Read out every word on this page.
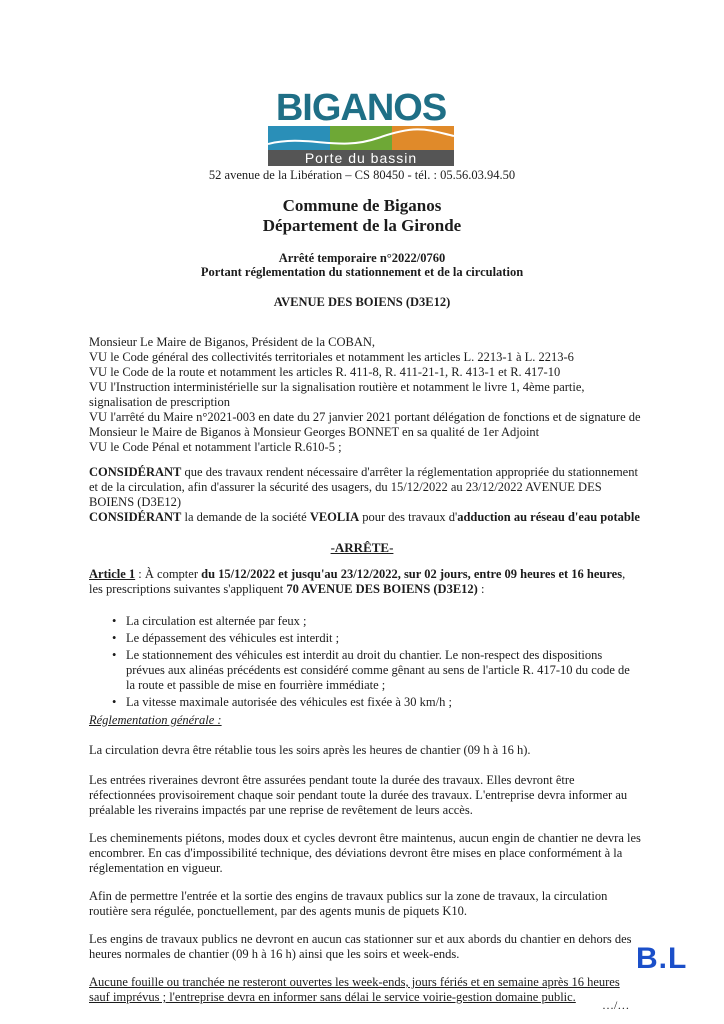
BIGANOS
Porte du bassin
52 avenue de la Libération – CS 80450 - tél. : 05.56.03.94.50
Commune de Biganos
Département de la Gironde
Arrêté temporaire n°2022/0760
Portant réglementation du stationnement et de la circulation
AVENUE DES BOIENS (D3E12)
Monsieur Le Maire de Biganos, Président de la COBAN,
VU le Code général des collectivités territoriales et notamment les articles L. 2213-1 à L. 2213-6
VU le Code de la route et notamment les articles R. 411-8, R. 411-21-1, R. 413-1 et R. 417-10
VU l'Instruction interministérielle sur la signalisation routière et notamment le livre 1, 4ème partie,
signalisation de prescription
VU l'arrêté du Maire n°2021-003 en date du 27 janvier 2021 portant délégation de fonctions et de signature de
Monsieur le Maire de Biganos à Monsieur Georges BONNET en sa qualité de 1er Adjoint
VU le Code Pénal et notamment l'article R.610-5 ;
CONSIDÉRANT que des travaux rendent nécessaire d'arrêter la réglementation appropriée du stationnement
et de la circulation, afin d'assurer la sécurité des usagers, du 15/12/2022 au 23/12/2022 AVENUE DES
BOIENS (D3E12)
CONSIDÉRANT la demande de la société VEOLIA pour des travaux d'adduction au réseau d'eau potable
-ARRÊTE-
Article 1 : À compter du 15/12/2022 et jusqu'au 23/12/2022, sur 02 jours, entre 09 heures et 16 heures,
les prescriptions suivantes s'appliquent 70 AVENUE DES BOIENS (D3E12) :
• La circulation est alternée par feux ;
• Le dépassement des véhicules est interdit ;
• Le stationnement des véhicules est interdit au droit du chantier. Le non-respect des dispositions prévues aux alinéas précédents est considéré comme gênant au sens de l'article R. 417-10 du code de la route et passible de mise en fourrière immédiate ;
• La vitesse maximale autorisée des véhicules est fixée à 30 km/h ;
Réglementation générale :
La circulation devra être rétablie tous les soirs après les heures de chantier (09 h à 16 h).
Les entrées riveraines devront être assurées pendant toute la durée des travaux. Elles devront être
réfectionnées provisoirement chaque soir pendant toute la durée des travaux. L'entreprise devra informer au
préalable les riverains impactés par une reprise de revêtement de leurs accès.
Les cheminements piétons, modes doux et cycles devront être maintenus, aucun engin de chantier ne devra les
encombrer. En cas d'impossibilité technique, des déviations devront être mises en place conformément à la
réglementation en vigueur.
Afin de permettre l'entrée et la sortie des engins de travaux publics sur la zone de travaux, la circulation
routière sera régulée, ponctuellement, par des agents munis de piquets K10.
Les engins de travaux publics ne devront en aucun cas stationner sur et aux abords du chantier en dehors des
heures normales de chantier (09 h à 16 h) ainsi que les soirs et week-ends.
Aucune fouille ou tranchée ne resteront ouvertes les week-ends, jours fériés et en semaine après 16 heures
sauf imprévus ; l'entreprise devra en informer sans délai le service voirie-gestion domaine public.
B.L
…/…
